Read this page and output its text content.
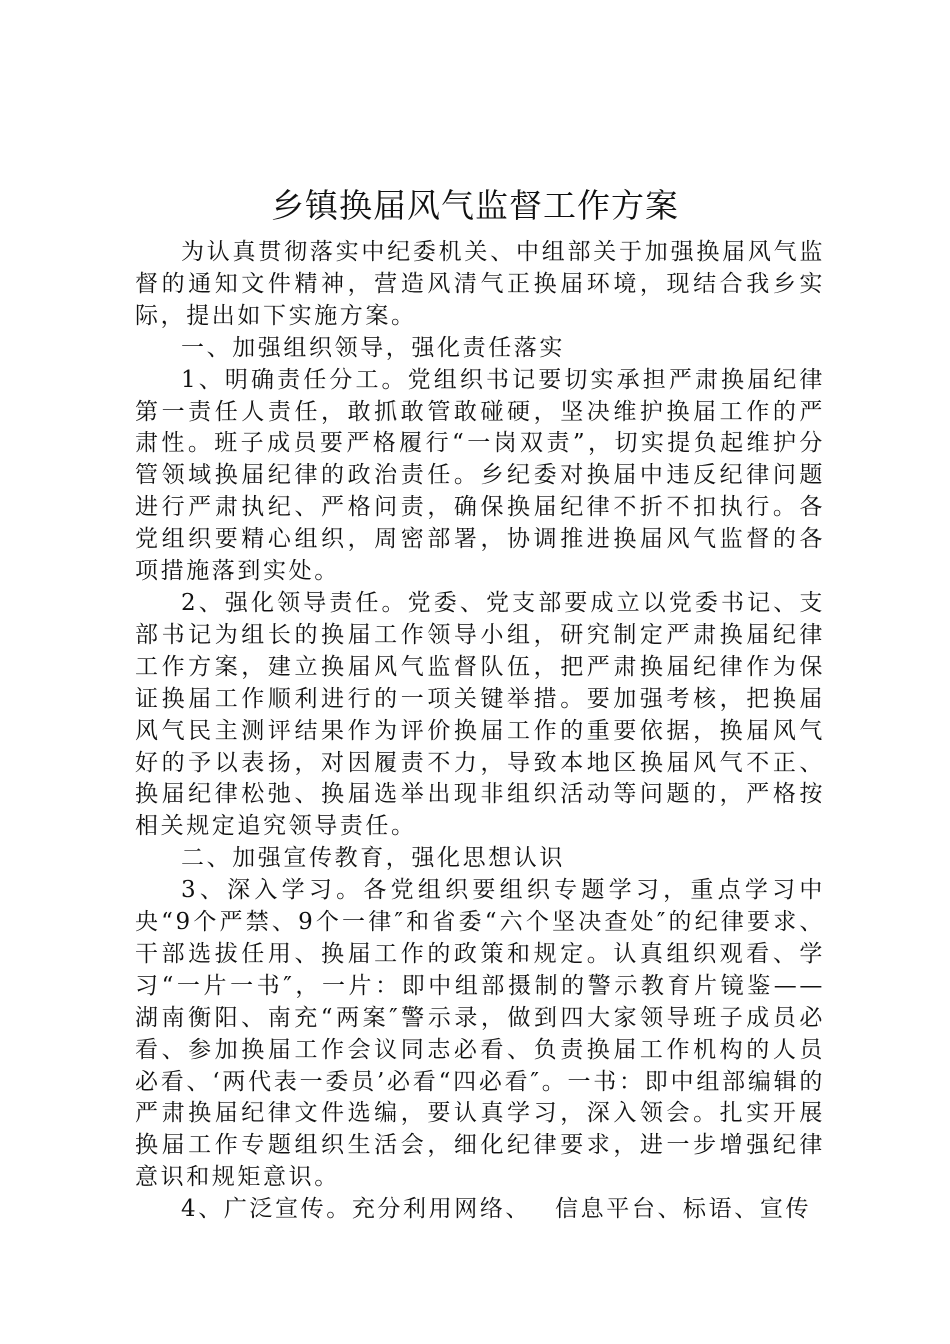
乡镇换届风气监督工作方案

为认真贯彻落实中纪委机关、中组部关于加强换届风气监督的通知文件精神，营造风清气正换届环境，现结合我乡实际，提出如下实施方案。

一、加强组织领导，强化责任落实

1、明确责任分工。党组织书记要切实承担严肃换届纪律第一责任人责任，敢抓敢管敢碰硬，坚决维护换届工作的严肃性。班子成员要严格履行“一岗双责”，切实提负起维护分管领域换届纪律的政治责任。乡纪委对换届中违反纪律问题进行严肃执纪、严格问责，确保换届纪律不折不扣执行。各党组织要精心组织，周密部署，协调推进换届风气监督的各项措施落到实处。

2、强化领导责任。党委、党支部要成立以党委书记、支部书记为组长的换届工作领导小组，研究制定严肃换届纪律工作方案，建立换届风气监督队伍，把严肃换届纪律作为保证换届工作顺利进行的一项关键举措。要加强考核，把换届风气民主测评结果作为评价换届工作的重要依据，换届风气好的予以表扬，对因履责不力，导致本地区换届风气不正、换届纪律松弛、换届选举出现非组织活动等问题的，严格按相关规定追究领导责任。

二、加强宣传教育，强化思想认识

3、深入学习。各党组织要组织专题学习，重点学习中央“9个严禁、9个一律″和省委“六个坚决查处″的纪律要求、干部选拔任用、换届工作的政策和规定。认真组织观看、学习“一片一书″，一片：即中组部摄制的警示教育片镜鉴——湖南衡阳、南充“两案″警示录，做到四大家领导班子成员必看、参加换届工作会议同志必看、负责换届工作机构的人员必看、‘两代表一委员’必看“四必看″。一书：即中组部编辑的严肃换届纪律文件选编，要认真学习，深入领会。扎实开展换届工作专题组织生活会，细化纪律要求，进一步增强纪律意识和规矩意识。

4、广泛宣传。充分利用网络、　 信息平台、标语、宣传
